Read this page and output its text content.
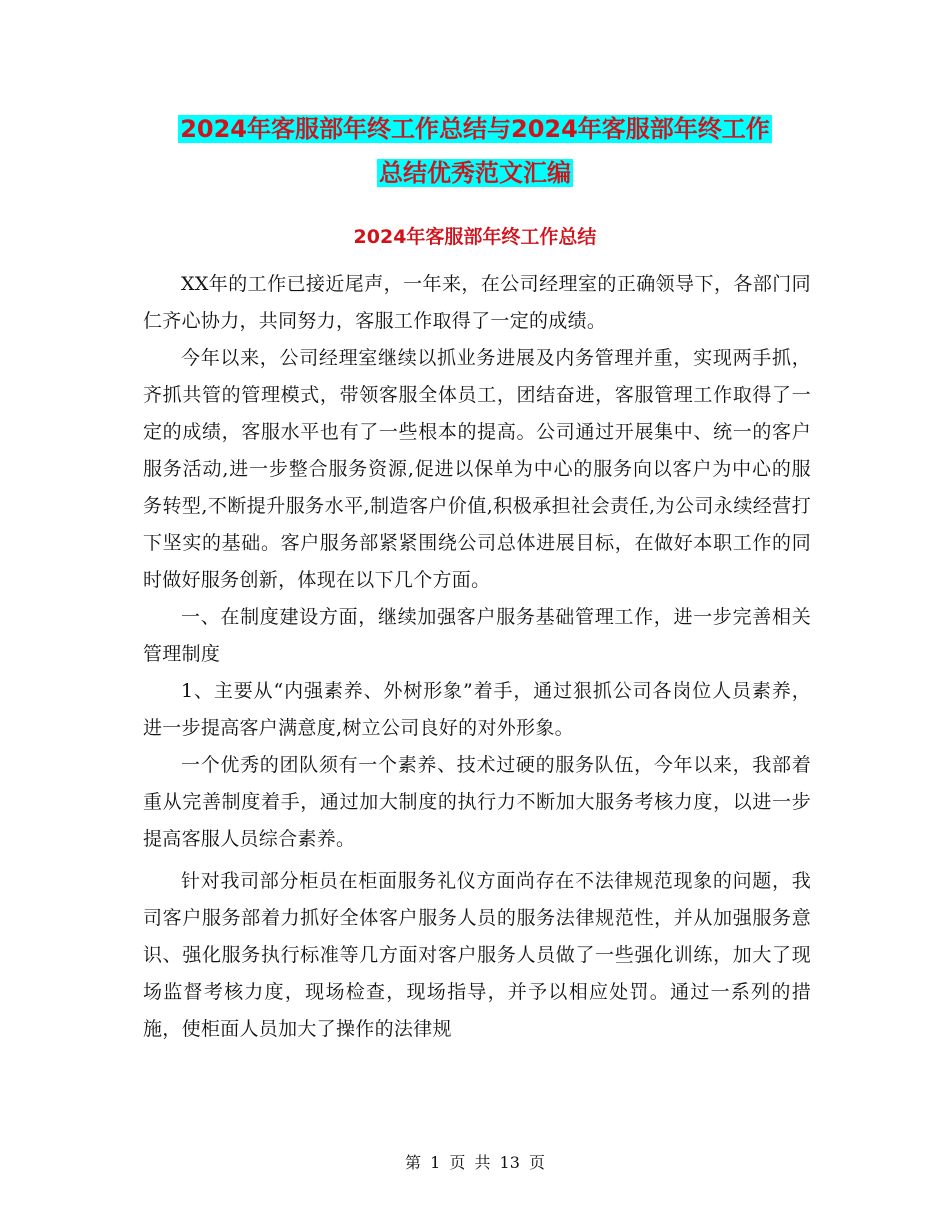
2024年客服部年终工作总结与2024年客服部年终工作
总结优秀范文汇编
2024年客服部年终工作总结

XX年的工作已接近尾声，一年来，在公司经理室的正确领导下，各部门同仁齐心协力，共同努力，客服工作取得了一定的成绩。

今年以来，公司经理室继续以抓业务进展及内务管理并重，实现两手抓，齐抓共管的管理模式，带领客服全体员工，团结奋进，客服管理工作取得了一定的成绩，客服水平也有了一些根本的提高。公司通过开展集中、统一的客户服务活动,进一步整合服务资源,促进以保单为中心的服务向以客户为中心的服务转型,不断提升服务水平,制造客户价值,积极承担社会责任,为公司永续经营打下坚实的基础。客户服务部紧紧围绕公司总体进展目标，在做好本职工作的同时做好服务创新，体现在以下几个方面。

一、在制度建设方面，继续加强客户服务基础管理工作，进一步完善相关管理制度

1、主要从“内强素养、外树形象”着手，通过狠抓公司各岗位人员素养，进一步提高客户满意度,树立公司良好的对外形象。

一个优秀的团队须有一个素养、技术过硬的服务队伍，今年以来，我部着重从完善制度着手，通过加大制度的执行力不断加大服务考核力度，以进一步提高客服人员综合素养。

针对我司部分柜员在柜面服务礼仪方面尚存在不法律规范现象的问题，我司客户服务部着力抓好全体客户服务人员的服务法律规范性，并从加强服务意识、强化服务执行标准等几方面对客户服务人员做了一些强化训练，加大了现场监督考核力度，现场检查，现场指导，并予以相应处罚。通过一系列的措施，使柜面人员加大了操作的法律规

第 1 页 共 13 页
